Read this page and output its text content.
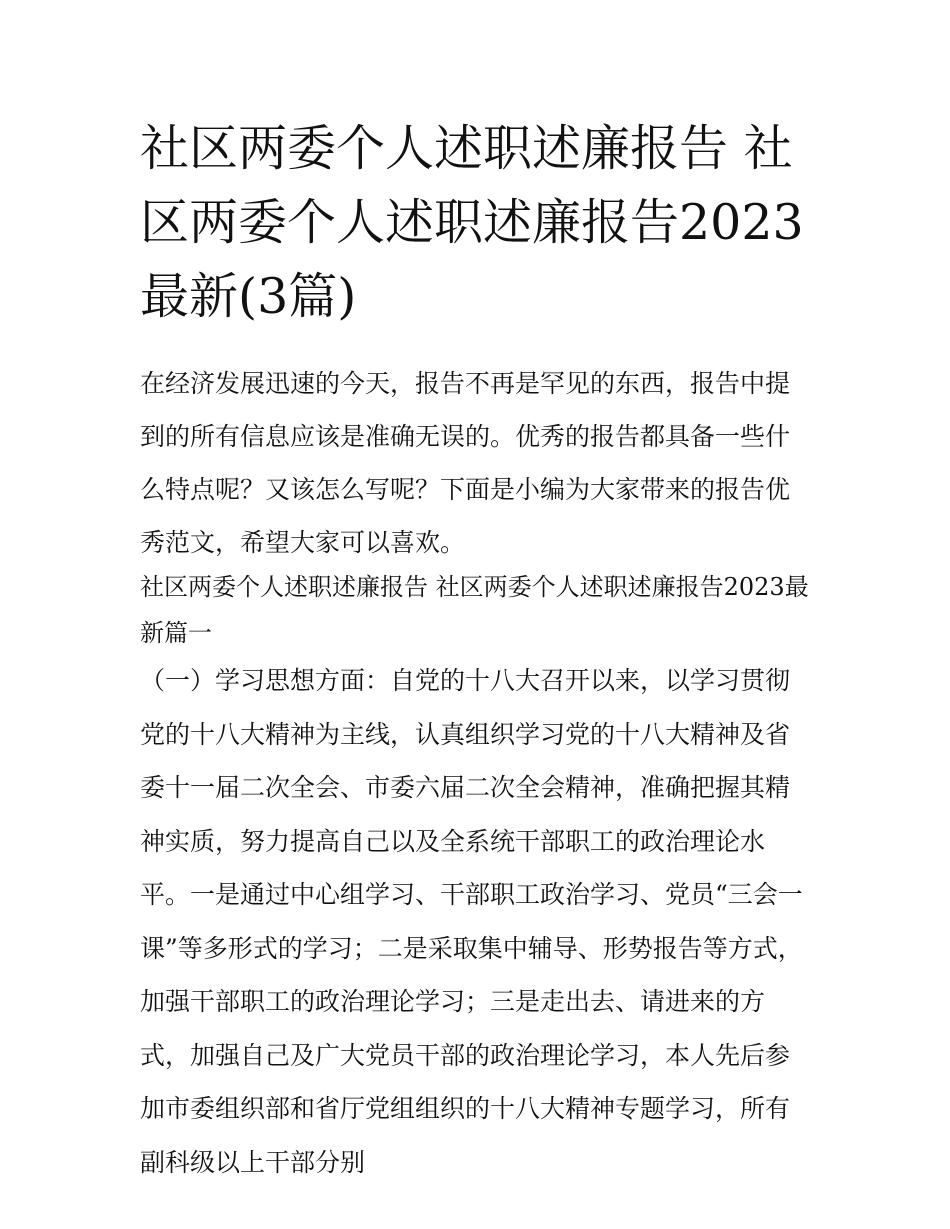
社区两委个人述职述廉报告 社区两委个人述职述廉报告2023最新(3篇)

在经济发展迅速的今天，报告不再是罕见的东西，报告中提到的所有信息应该是准确无误的。优秀的报告都具备一些什么特点呢？又该怎么写呢？下面是小编为大家带来的报告优秀范文，希望大家可以喜欢。

社区两委个人述职述廉报告 社区两委个人述职述廉报告2023最新篇一

（一）学习思想方面：自党的十八大召开以来，以学习贯彻党的十八大精神为主线，认真组织学习党的十八大精神及省委十一届二次全会、市委六届二次全会精神，准确把握其精神实质，努力提高自己以及全系统干部职工的政治理论水平。一是通过中心组学习、干部职工政治学习、党员“三会一课”等多形式的学习；二是采取集中辅导、形势报告等方式，加强干部职工的政治理论学习；三是走出去、请进来的方式，加强自己及广大党员干部的政治理论学习，本人先后参加市委组织部和省厅党组组织的十八大精神专题学习，所有副科级以上干部分别
